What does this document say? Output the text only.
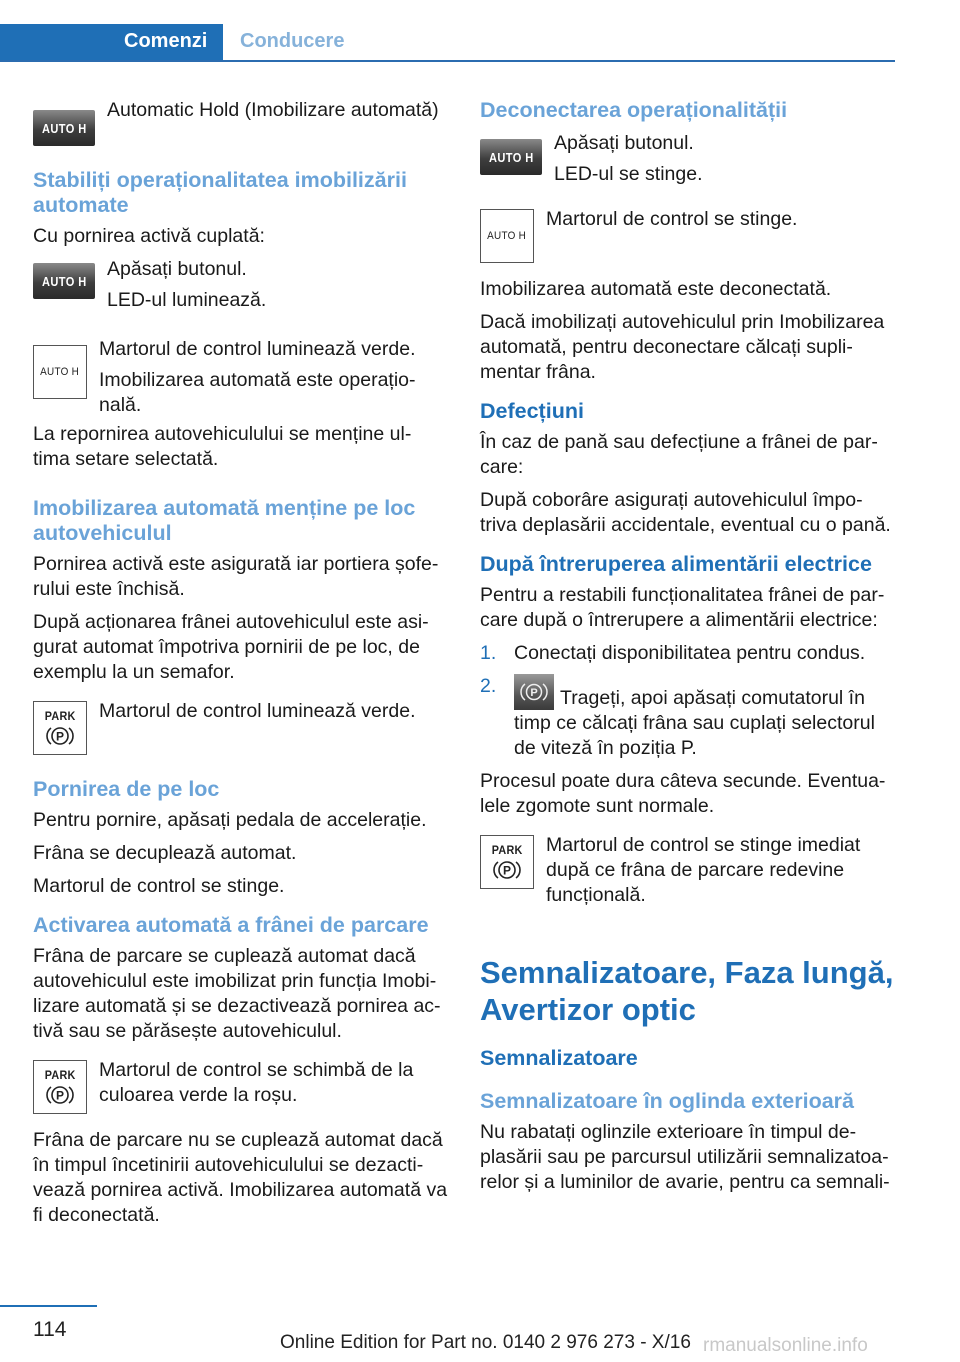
Comenzi Conducere
AUTO H

Automatic Hold (Imobilizare automată)

Stabiliți operaționalitatea imobilizării automate

Cu pornirea activă cuplată:

AUTO H

Apăsați butonul.

LED-ul luminează.

AUTO H

Martorul de control luminează verde.

Imobilizarea automată este operațio-nală.

La repornirea autovehiculului se menține ul-tima setare selectată.

Imobilizarea automată menține pe loc autovehiculul

Pornirea activă este asigurată iar portiera șofe-rului este închisă.

După acționarea frânei autovehiculul este asi-gurat automat împotriva pornirii de pe loc, de exemplu la un semafor.

PARK
P

Martorul de control luminează verde.

Pornirea de pe loc

Pentru pornire, apăsați pedala de accelerație.

Frâna se decuplează automat.

Martorul de control se stinge.

Activarea automată a frânei de parcare

Frâna de parcare se cuplează automat dacă autovehiculul este imobilizat prin funcția Imobi-lizare automată și se dezactivează pornirea ac-tivă sau se părăsește autovehiculul.

PARK
P

Martorul de control se schimbă de la culoarea verde la roșu.

Frâna de parcare nu se cuplează automat dacă în timpul încetinirii autovehiculului se dezacti-vează pornirea activă. Imobilizarea automată va fi deconectată.

Deconectarea operaționalității
AUTO H

Apăsați butonul.

LED-ul se stinge.

AUTO H

Martorul de control se stinge.

Imobilizarea automată este deconectată.

Dacă imobilizați autovehiculul prin Imobilizarea automată, pentru deconectare călcați supli-mentar frâna.

Defecțiuni

În caz de pană sau defecțiune a frânei de par-care:

După coborâre asigurați autovehiculul împo-triva deplasării accidentale, eventual cu o pană.

După întreruperea alimentării electrice

Pentru a restabili funcționalitatea frânei de par-care după o întrerupere a alimentării electrice:

1. Conectați disponibilitatea pentru condus.
2.	P Trageți, apoi apăsați comutatorul în timp ce călcați frâna sau cuplați selectorul de viteză în poziția P.

Procesul poate dura câteva secunde. Eventua-lele zgomote sunt normale.

PARK
P

Martorul de control se stinge imediat după ce frâna de parcare redevine funcțională.

Semnalizatoare, Faza lungă, Avertizor optic
Semnalizatoare
Semnalizatoare în oglinda exterioară

Nu rabatați oglinzile exterioare în timpul de-plasării sau pe parcursul utilizării semnalizatoa-relor și a luminilor de avarie, pentru ca semnali-

114
Online Edition for Part no. 0140 2 976 273 - X/16 rmanualsonline.info
